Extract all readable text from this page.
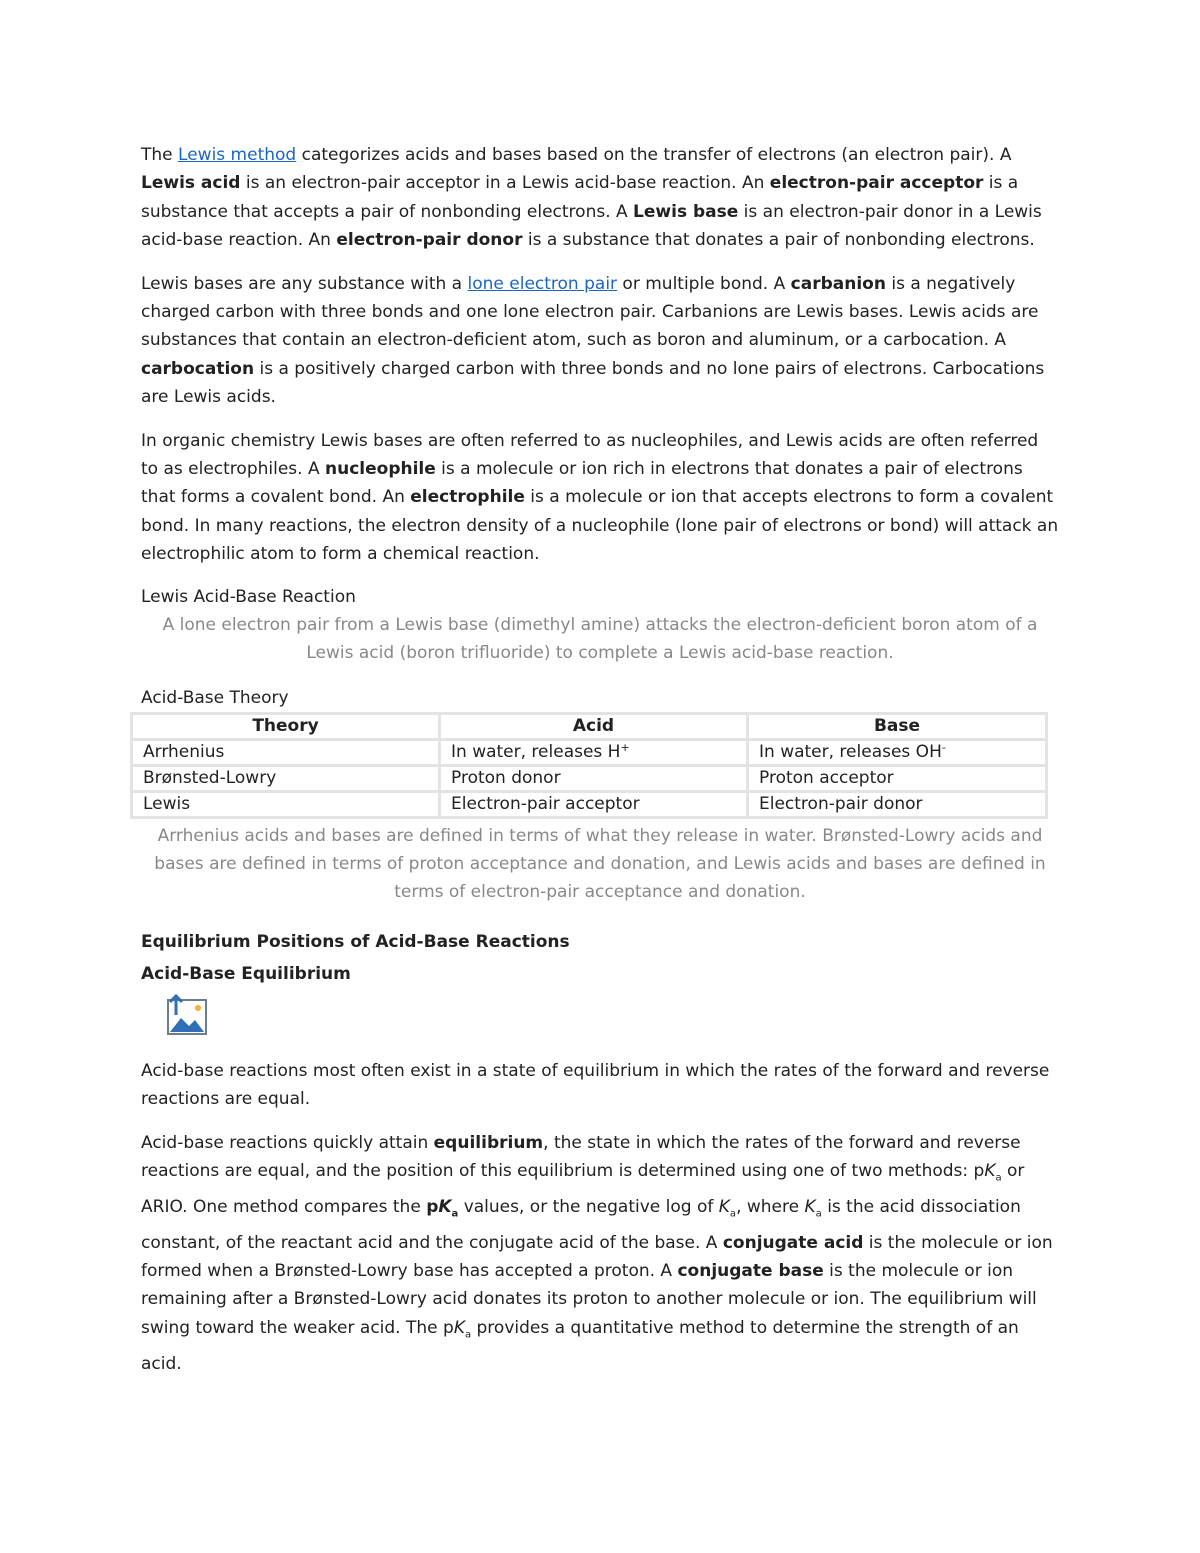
The Lewis method categorizes acids and bases based on the transfer of electrons (an electron pair). A Lewis acid is an electron-pair acceptor in a Lewis acid-base reaction. An electron-pair acceptor is a substance that accepts a pair of nonbonding electrons. A Lewis base is an electron-pair donor in a Lewis acid-base reaction. An electron-pair donor is a substance that donates a pair of nonbonding electrons.

Lewis bases are any substance with a lone electron pair or multiple bond. A carbanion is a negatively charged carbon with three bonds and one lone electron pair. Carbanions are Lewis bases. Lewis acids are substances that contain an electron-deficient atom, such as boron and aluminum, or a carbocation. A carbocation is a positively charged carbon with three bonds and no lone pairs of electrons. Carbocations are Lewis acids.

In organic chemistry Lewis bases are often referred to as nucleophiles, and Lewis acids are often referred to as electrophiles. A nucleophile is a molecule or ion rich in electrons that donates a pair of electrons that forms a covalent bond. An electrophile is a molecule or ion that accepts electrons to form a covalent bond. In many reactions, the electron density of a nucleophile (lone pair of electrons or bond) will attack an electrophilic atom to form a chemical reaction.

Lewis Acid-Base Reaction

A lone electron pair from a Lewis base (dimethyl amine) attacks the electron-deficient boron atom of a Lewis acid (boron trifluoride) to complete a Lewis acid-base reaction.

Acid-Base Theory
Theory	Acid	Base
Arrhenius	In water, releases H+	In water, releases OH-
Brønsted-Lowry	Proton donor	Proton acceptor
Lewis	Electron-pair acceptor	Electron-pair donor

Arrhenius acids and bases are defined in terms of what they release in water. Brønsted-Lowry acids and bases are defined in terms of proton acceptance and donation, and Lewis acids and bases are defined in terms of electron-pair acceptance and donation.

Equilibrium Positions of Acid-Base Reactions
Acid-Base Equilibrium

Acid-base reactions most often exist in a state of equilibrium in which the rates of the forward and reverse reactions are equal.

Acid-base reactions quickly attain equilibrium, the state in which the rates of the forward and reverse reactions are equal, and the position of this equilibrium is determined using one of two methods: $pK_a$ or ARIO. One method compares the $pK_a$ values, or the negative log of $K_a$, where $K_a$ is the acid dissociation constant, of the reactant acid and the conjugate acid of the base. A conjugate acid is the molecule or ion formed when a Brønsted-Lowry base has accepted a proton. A conjugate base is the molecule or ion remaining after a Brønsted-Lowry acid donates its proton to another molecule or ion. The equilibrium will swing toward the weaker acid. The $pK_a$ provides a quantitative method to determine the strength of an acid.
